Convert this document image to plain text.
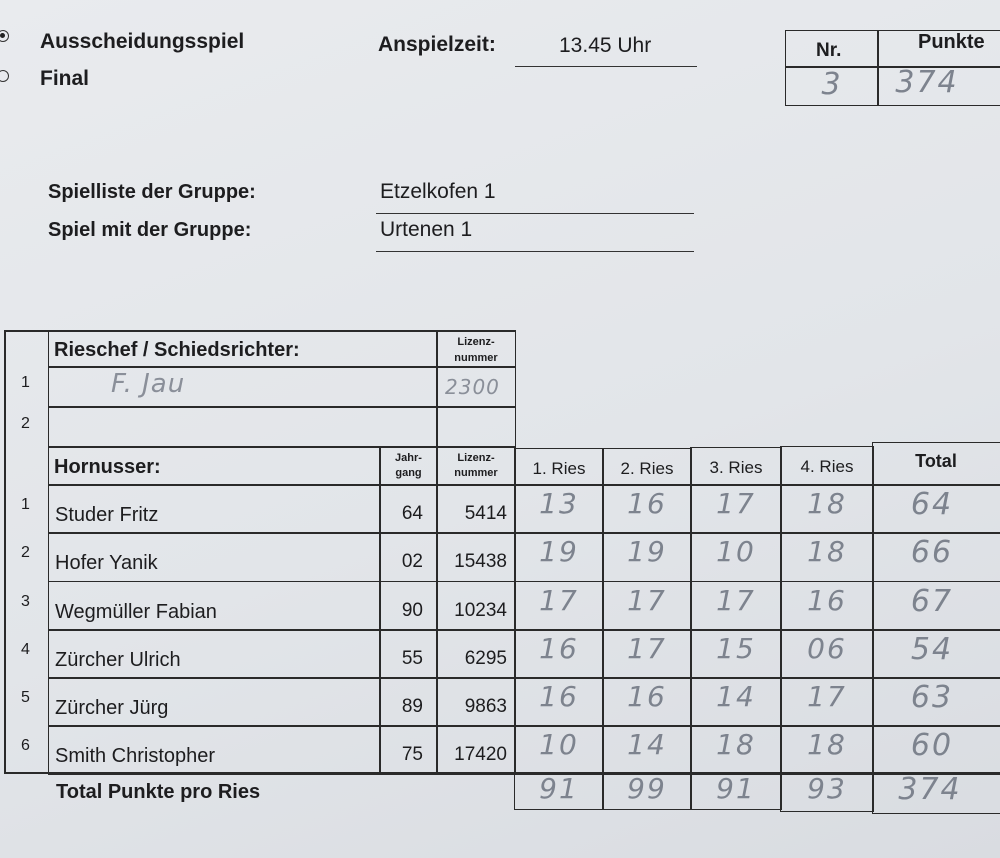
Ausscheidungsspiel
Final
Anspielzeit:	13.45 Uhr	Nr.	Punkte
3	374
Spielliste der Gruppe:	Etzelkofen 1
Spiel mit der Gruppe:	Urtenen 1
Rieschef / Schiedsrichter:	Lizenz-
nummer
1	F. Jau	2300
2
Hornusser:	Jahr-
gang
Lizenz-
nummer	1. Ries	2. Ries	3. Ries	4. Ries	Total
1 Studer Fritz	64 5414	13	16	17	18	64
2 Hofer Yanik	02 15438	19	19	10	18	66
3 Wegmüller Fabian	90 10234	17	17	17	16	67
4 Zürcher Ulrich	55 6295	16	17	15	06	54
5 Zürcher Jürg	89 9863	16	16	14	17	63
6 Smith Christopher	75 17420	10	14	18	18	60
Total Punkte pro Ries	91	99	91	93	374
